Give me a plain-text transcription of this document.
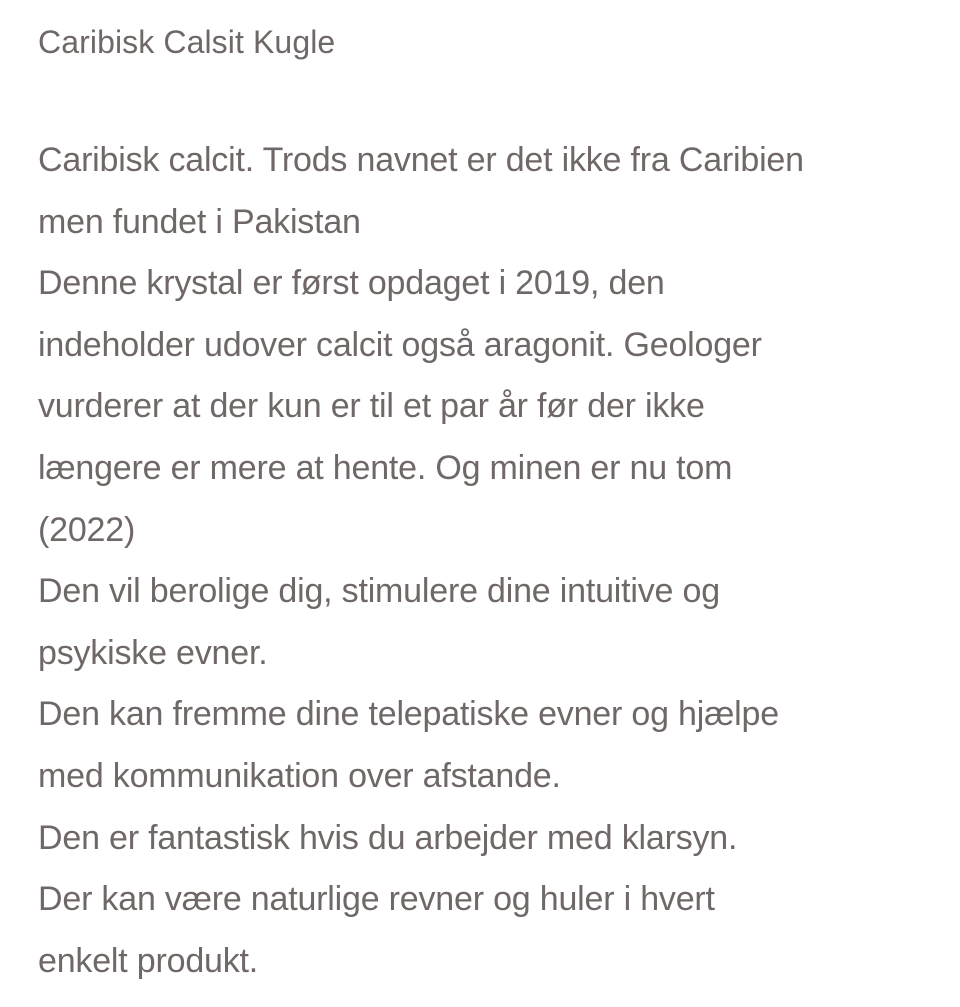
Caribisk Calsit Kugle
Caribisk calcit. Trods navnet er det ikke fra Caribien
men fundet i Pakistan
Denne krystal er først opdaget i 2019, den
indeholder udover calcit også aragonit. Geologer
vurderer at der kun er til et par år før der ikke
længere er mere at hente. Og minen er nu tom
(2022)
Den vil berolige dig, stimulere dine intuitive og
psykiske evner.
Den kan fremme dine telepatiske evner og hjælpe
med kommunikation over afstande.
Den er fantastisk hvis du arbejder med klarsyn.
Der kan være naturlige revner og huler i hvert
enkelt produkt.
